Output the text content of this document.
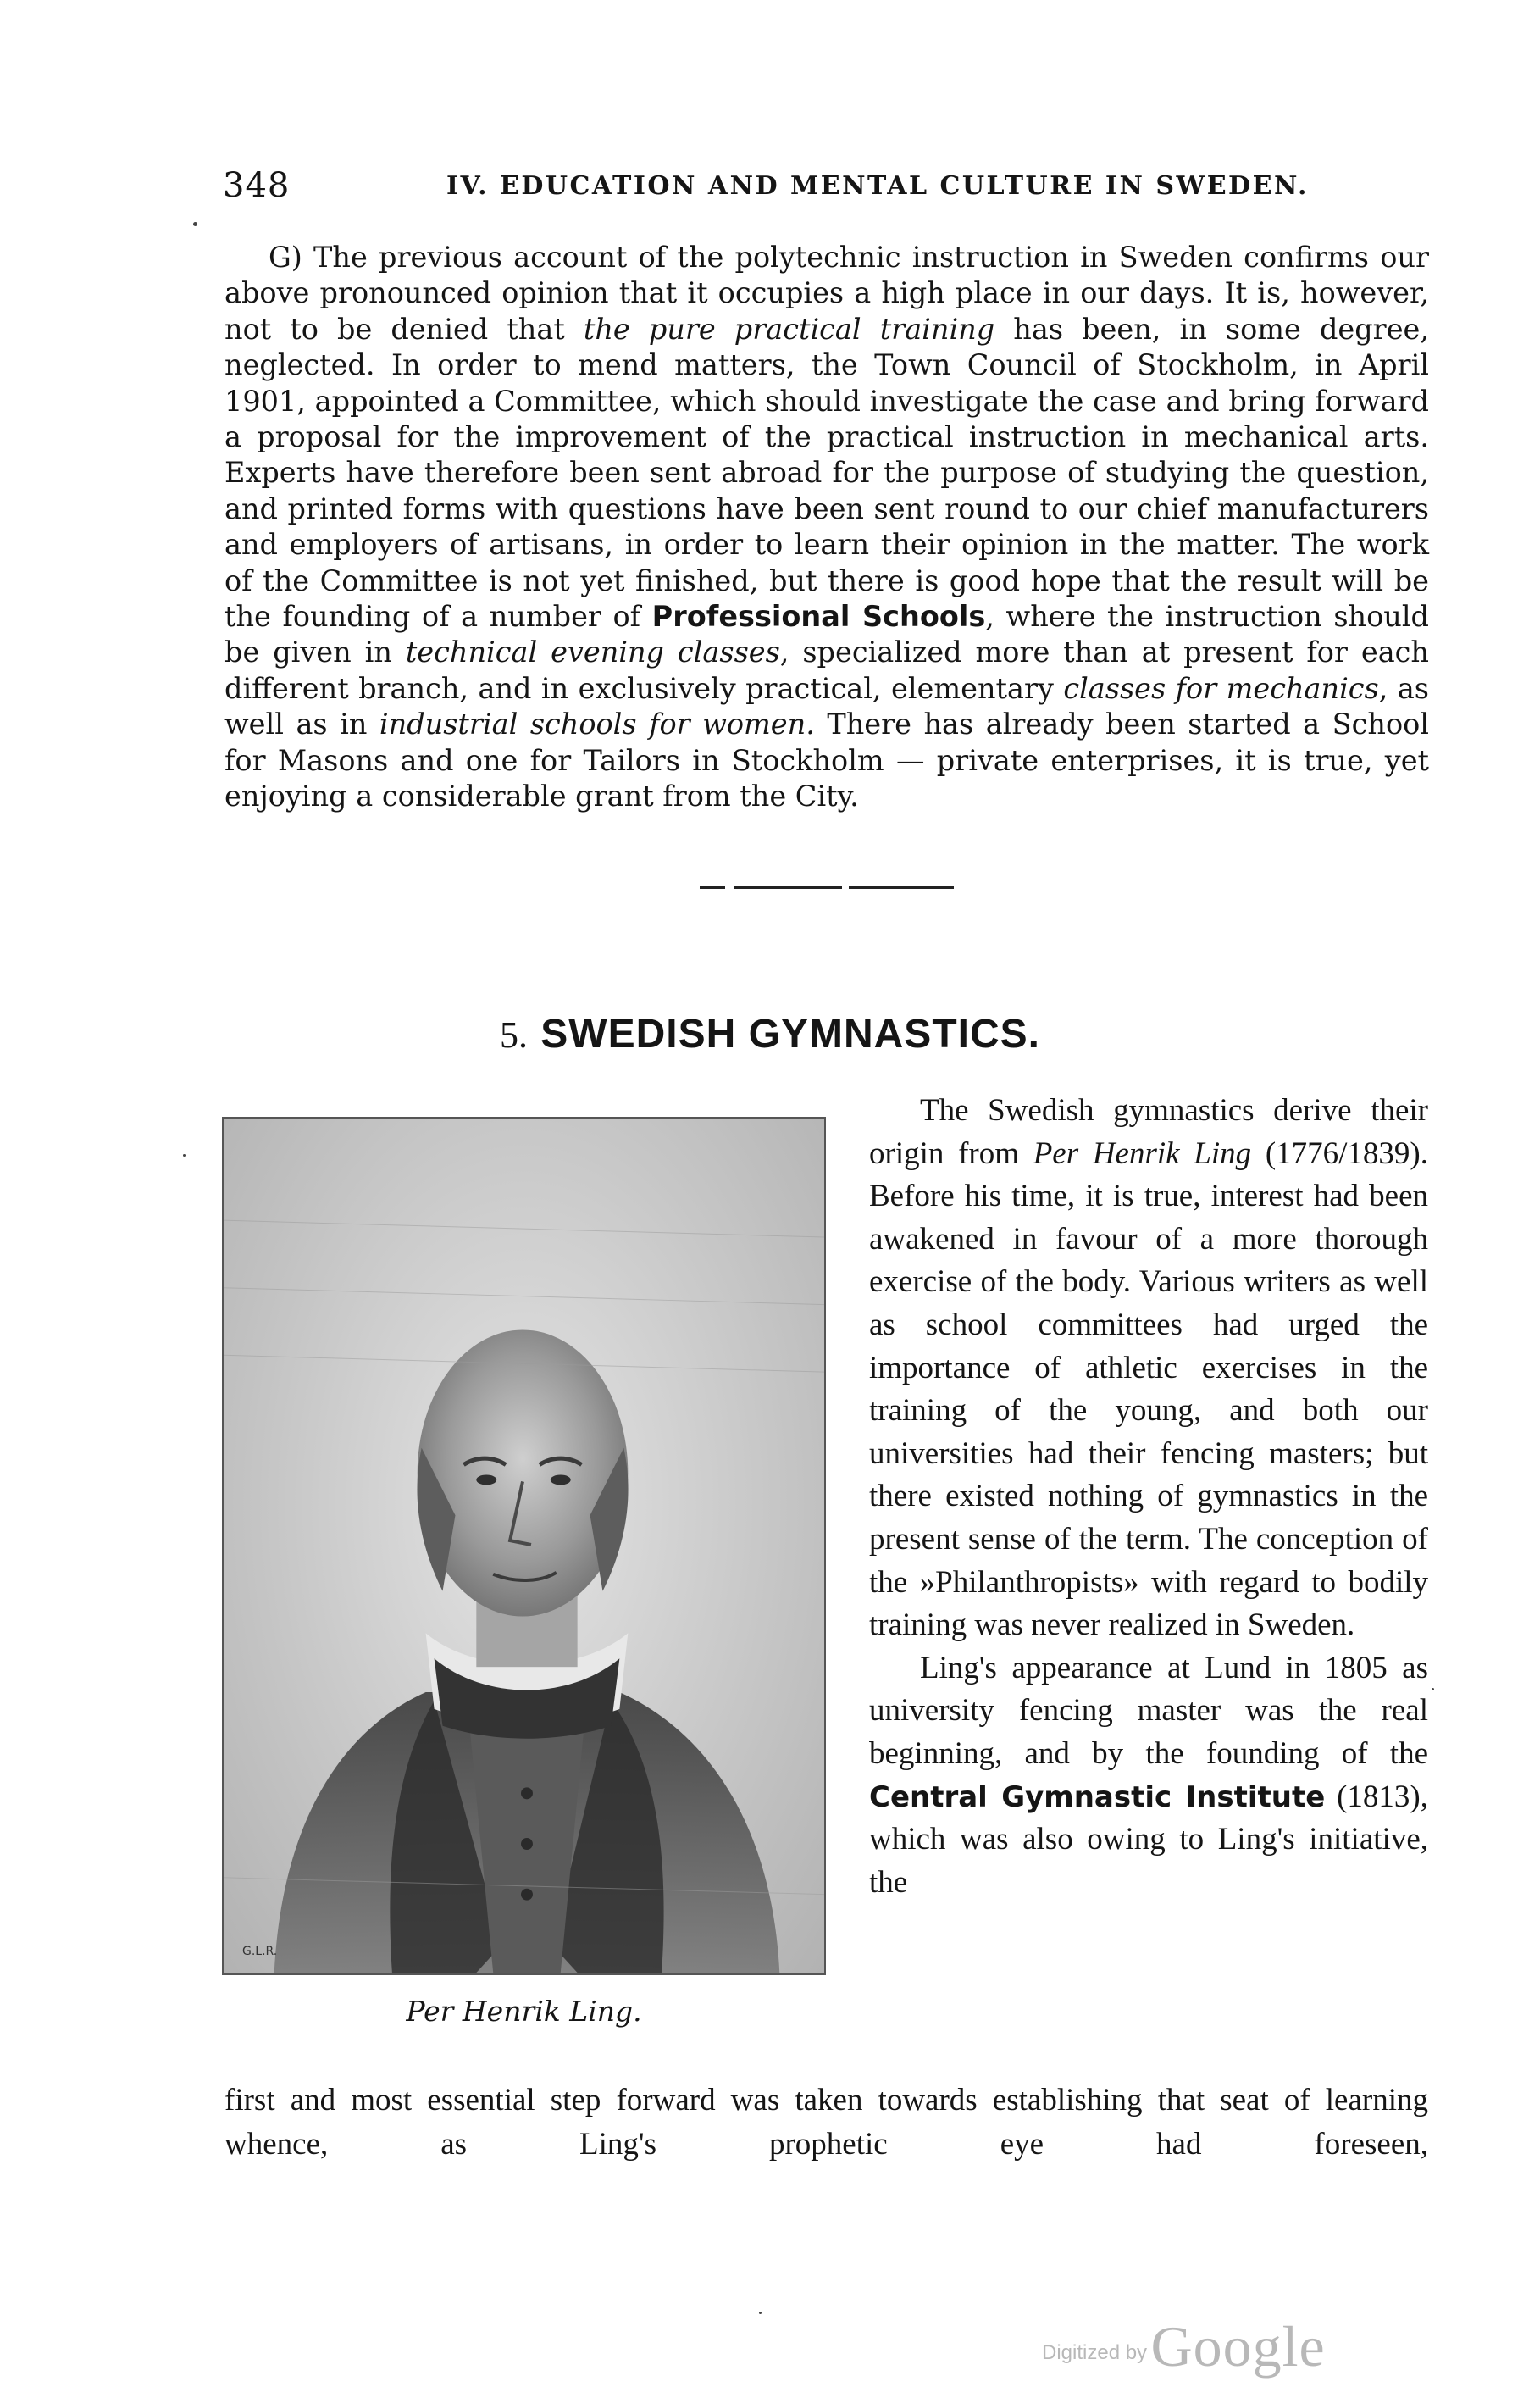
348	IV. EDUCATION AND MENTAL CULTURE IN SWEDEN.
G) The previous account of the polytechnic instruction in Sweden confirms our above pronounced opinion that it occupies a high place in our days. It is, however, not to be denied that the pure practical training has been, in some degree, neglected. In order to mend matters, the Town Council of Stockholm, in April 1901, appointed a Committee, which should investigate the case and bring forward a proposal for the improvement of the practical instruction in mechanical arts. Experts have therefore been sent abroad for the purpose of studying the question, and printed forms with questions have been sent round to our chief manufacturers and employers of artisans, in order to learn their opinion in the matter. The work of the Committee is not yet finished, but there is good hope that the result will be the founding of a number of Professional Schools, where the instruction should be given in technical evening classes, specialized more than at present for each different branch, and in exclusively practical, elementary classes for mechanics, as well as in industrial schools for women. There has already been started a School for Masons and one for Tailors in Stockholm — private enterprises, it is true, yet enjoying a considerable grant from the City.
5. SWEDISH GYMNASTICS.
G.L.R.
Per Henrik Ling.

The Swedish gymnastics derive their origin from Per Henrik Ling (1776/1839). Before his time, it is true, interest had been awakened in favour of a more thorough exercise of the body. Various writers as well as school committees had urged the importance of athletic exercises in the training of the young, and both our universities had their fencing masters; but there existed nothing of gymnastics in the present sense of the term. The conception of the »Philanthropists» with regard to bodily training was never realized in Sweden.

Ling's appearance at Lund in 1805 as university fencing master was the real beginning, and by the founding of the Central Gymnastic Institute (1813), which was also owing to Ling's initiative, the

first and most essential step forward was taken towards establishing that seat of learning whence, as Ling's prophetic eye had foreseen,
Digitized by Google
